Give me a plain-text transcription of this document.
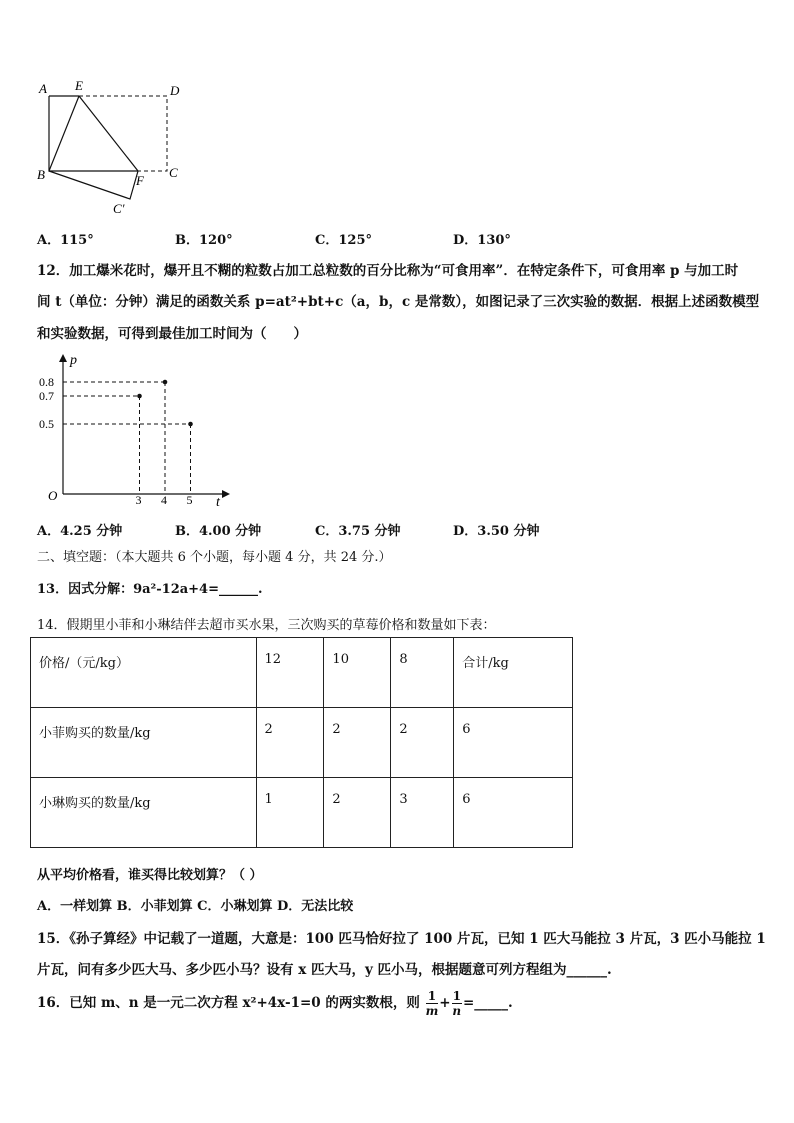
A E	D
B	F
C
C′
A．115°	B．120°	C．125°	D．130°
12．加工爆米花时，爆开且不糊的粒数占加工总粒数的百分比称为“可食用率”．在特定条件下，可食用率 p 与加工时
间 t（单位：分钟）满足的函数关系 p=at²+bt+c（a，b，c 是常数），如图记录了三次实验的数据．根据上述函数模型
和实验数据，可得到最佳加工时间为（　　）
p
t
O	3 4 5
0.8
0.7
0.5
A．4.25 分钟	B．4.00 分钟	C．3.75 分钟	D．3.50 分钟
二、填空题：（本大题共 6 个小题，每小题 4 分，共 24 分.）
13．因式分解：9a²-12a+4=______.
14．假期里小菲和小琳结伴去超市买水果，三次购买的草莓价格和数量如下表：
价格/（元/kg）	12	10	8	合计/kg
小菲购买的数量/kg	2	2	2	6
小琳购买的数量/kg	1	2	3	6
从平均价格看，谁买得比较划算？（ ）
A．一样划算 B．小菲划算 C．小琳划算 D．无法比较
15．《孙子算经》中记载了一道题，大意是：100 匹马恰好拉了 100 片瓦，已知 1 匹大马能拉 3 片瓦，3 匹小马能拉 1
片瓦，问有多少匹大马、多少匹小马？设有 x 匹大马，y 匹小马，根据题意可列方程组为______.
16．已知 m、n 是一元二次方程 x²+4x-1=0 的两实数根，则 $\frac{1}{m} + \frac{1}{n}$ =_____.
